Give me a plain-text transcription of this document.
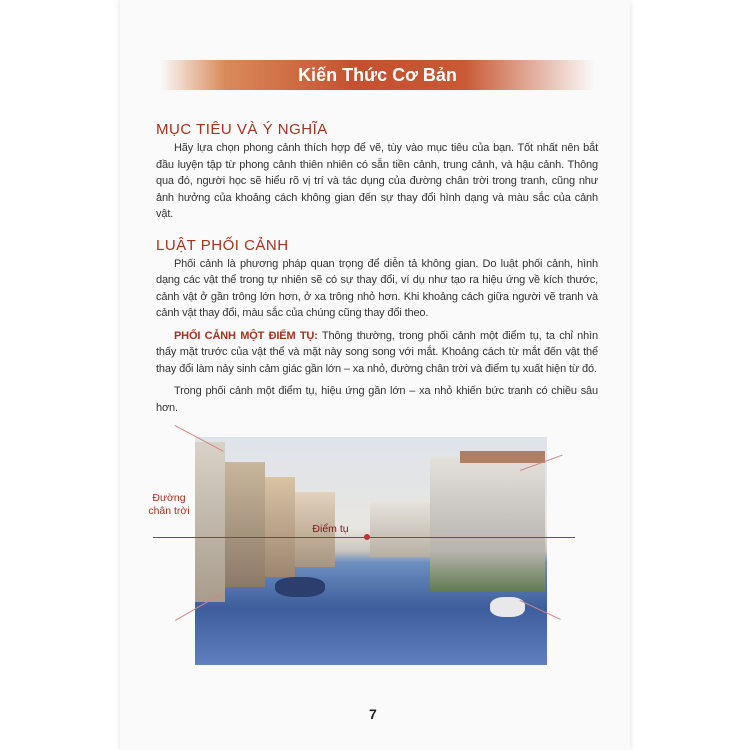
Kiến Thức Cơ Bản
MỤC TIÊU VÀ Ý NGHĨA
Hãy lựa chọn phong cảnh thích hợp để vẽ, tùy vào mục tiêu của bạn. Tốt nhất nên bắt đầu luyện tập từ phong cảnh thiên nhiên có sẵn tiền cảnh, trung cảnh, và hậu cảnh. Thông qua đó, người học sẽ hiểu rõ vị trí và tác dụng của đường chân trời trong tranh, cũng như ảnh hưởng của khoảng cách không gian đến sự thay đổi hình dạng và màu sắc của cảnh vật.
LUẬT PHỐI CẢNH
Phối cảnh là phương pháp quan trọng để diễn tả không gian. Do luật phối cảnh, hình dạng các vật thể trong tự nhiên sẽ có sự thay đổi, ví dụ như tạo ra hiệu ứng về kích thước, cảnh vật ở gần trông lớn hơn, ở xa trông nhỏ hơn. Khi khoảng cách giữa người vẽ tranh và cảnh vật thay đổi, màu sắc của chúng cũng thay đổi theo.
PHỐI CẢNH MỘT ĐIỂM TỤ: Thông thường, trong phối cảnh một điểm tụ, ta chỉ nhìn thấy mặt trước của vật thể và mặt này song song với mắt. Khoảng cách từ mắt đến vật thể thay đổi làm nảy sinh cảm giác gần lớn – xa nhỏ, đường chân trời và điểm tụ xuất hiện từ đó.
Trong phối cảnh một điểm tụ, hiệu ứng gần lớn – xa nhỏ khiến bức tranh có chiều sâu hơn.
Đường chân trời
Điểm tụ
7
